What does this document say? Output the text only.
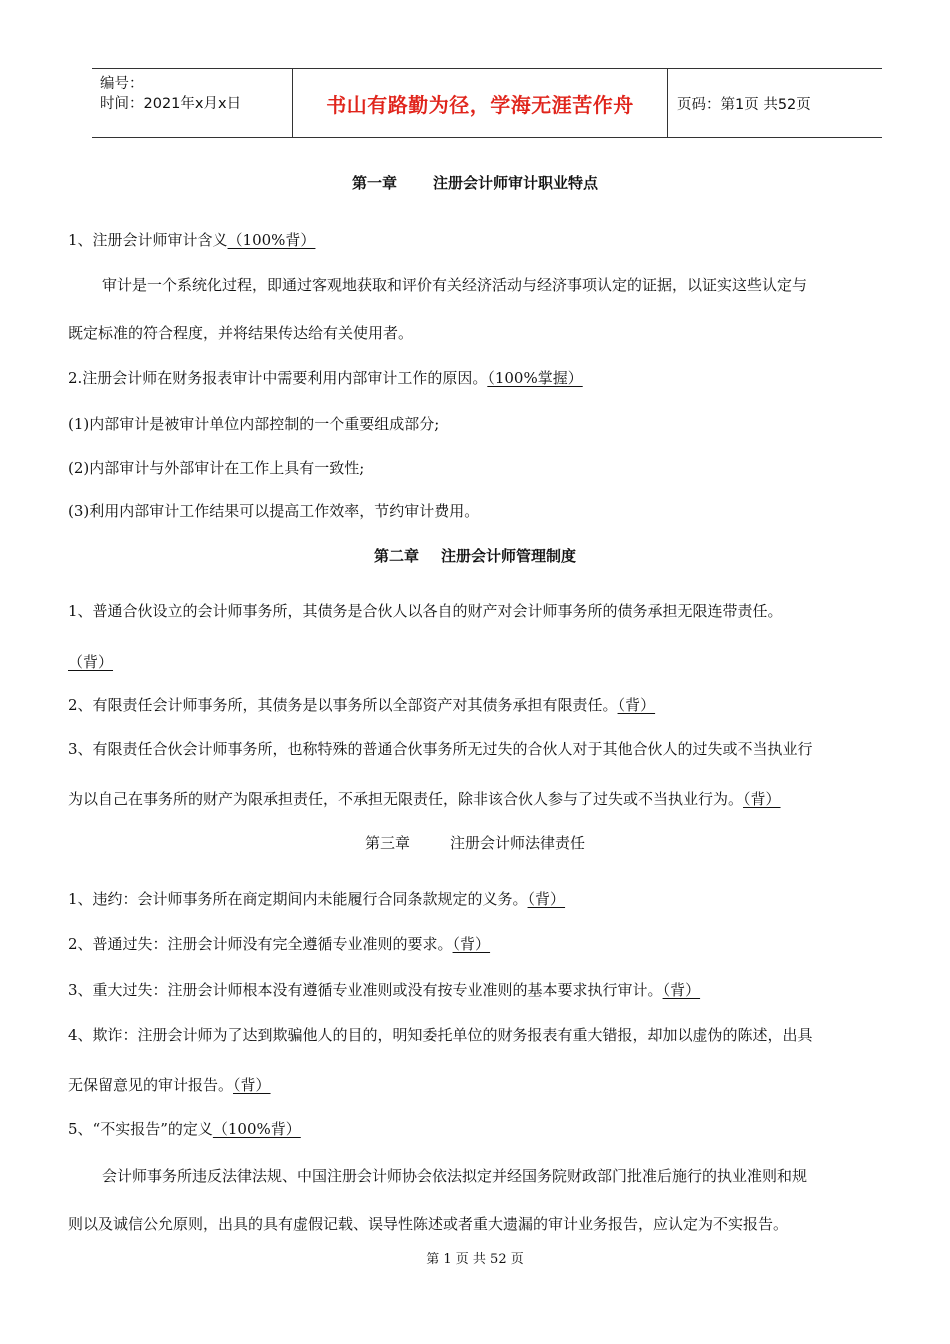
编号：
时间：2021年x月x日	书山有路勤为径，学海无涯苦作舟	页码：第1页 共52页
第一章 注册会计师审计职业特点
1、注册会计师审计含义（100%背）
审计是一个系统化过程，即通过客观地获取和评价有关经济活动与经济事项认定的证据，以证实这些认定与
既定标准的符合程度，并将结果传达给有关使用者。
2.注册会计师在财务报表审计中需要利用内部审计工作的原因。（100%掌握）
(1)内部审计是被审计单位内部控制的一个重要组成部分;
(2)内部审计与外部审计在工作上具有一致性;
(3)利用内部审计工作结果可以提高工作效率，节约审计费用。
第二章 注册会计师管理制度
1、普通合伙设立的会计师事务所，其债务是合伙人以各自的财产对会计师事务所的债务承担无限连带责任。
（背）
2、有限责任会计师事务所，其债务是以事务所以全部资产对其债务承担有限责任。（背）
3、有限责任合伙会计师事务所，也称特殊的普通合伙事务所无过失的合伙人对于其他合伙人的过失或不当执业行
为以自己在事务所的财产为限承担责任，不承担无限责任，除非该合伙人参与了过失或不当执业行为。（背）
第三章	注册会计师法律责任
1、违约：会计师事务所在商定期间内未能履行合同条款规定的义务。（背）
2、普通过失：注册会计师没有完全遵循专业准则的要求。（背）
3、重大过失：注册会计师根本没有遵循专业准则或没有按专业准则的基本要求执行审计。（背）
4、欺诈：注册会计师为了达到欺骗他人的目的，明知委托单位的财务报表有重大错报，却加以虚伪的陈述，出具
无保留意见的审计报告。（背）
5、“不实报告”的定义（100%背）
会计师事务所违反法律法规、中国注册会计师协会依法拟定并经国务院财政部门批准后施行的执业准则和规
则以及诚信公允原则，出具的具有虚假记载、误导性陈述或者重大遗漏的审计业务报告，应认定为不实报告。
第 1 页 共 52 页
